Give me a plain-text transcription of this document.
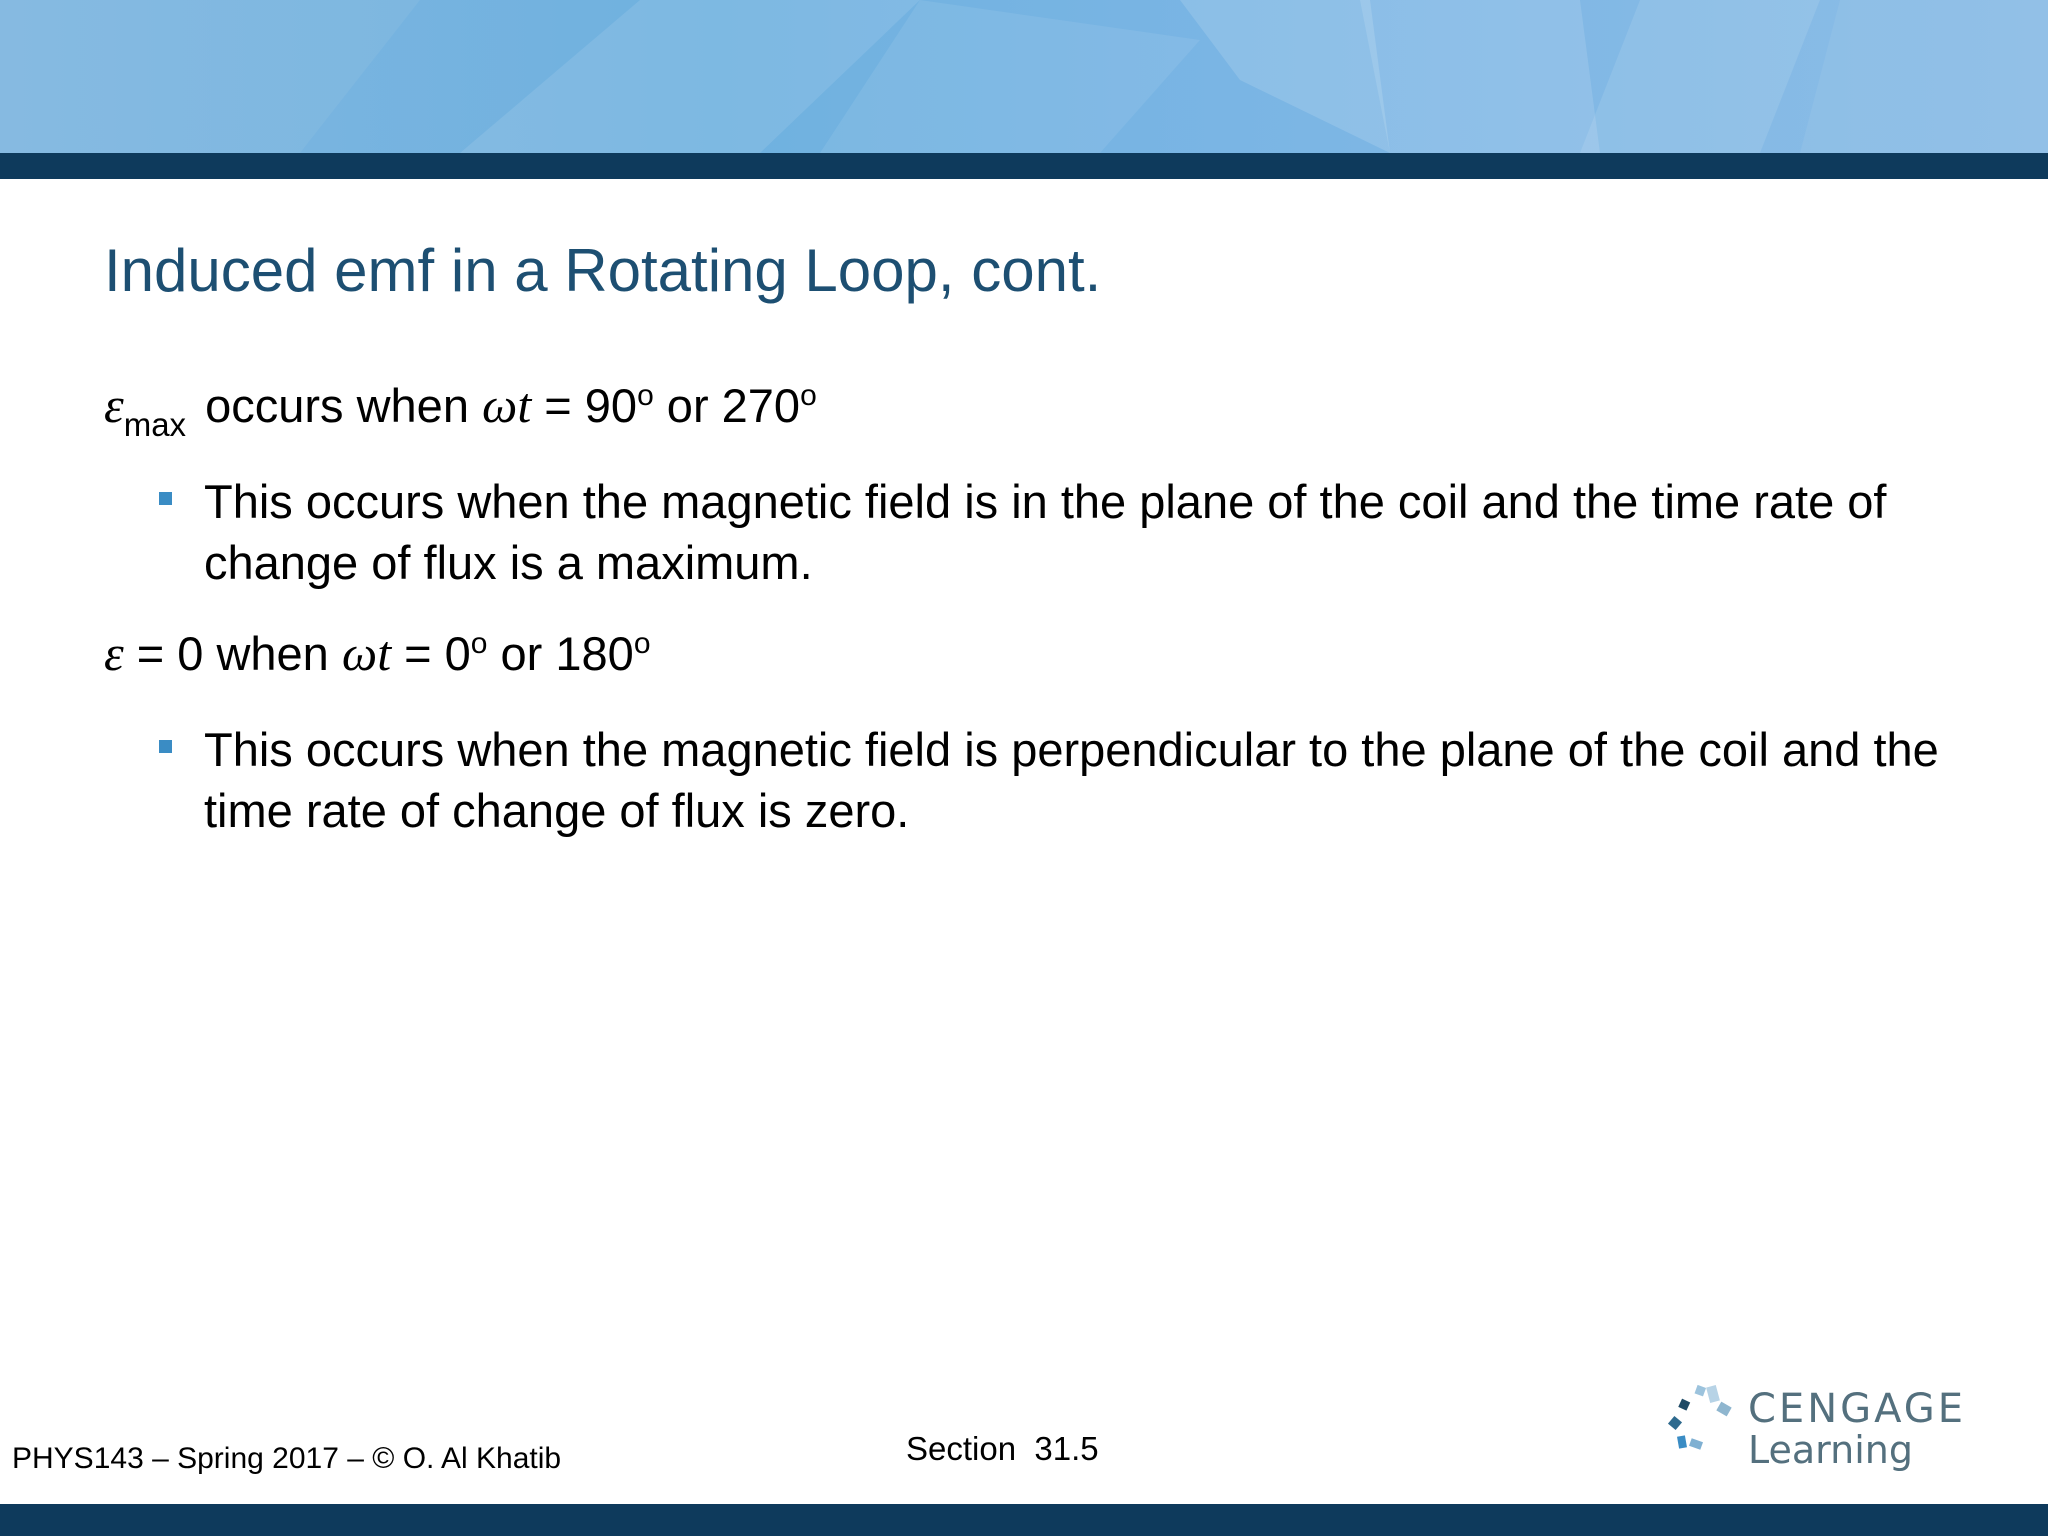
Induced emf in a Rotating Loop, cont.
$\varepsilon_{max}$ occurs when $\omega t = 90^o$ or 270$^o$
This occurs when the magnetic field is in the plane of the coil and the time rate of change of flux is a maximum.
ε = 0 when $\omega t = 0^o$ or 180$^o$
This occurs when the magnetic field is perpendicular to the plane of the coil and the time rate of change of flux is zero.
PHYS143 – Spring 2017 – © O. Al Khatib	Section  31.5
CENGAGE
Learning
